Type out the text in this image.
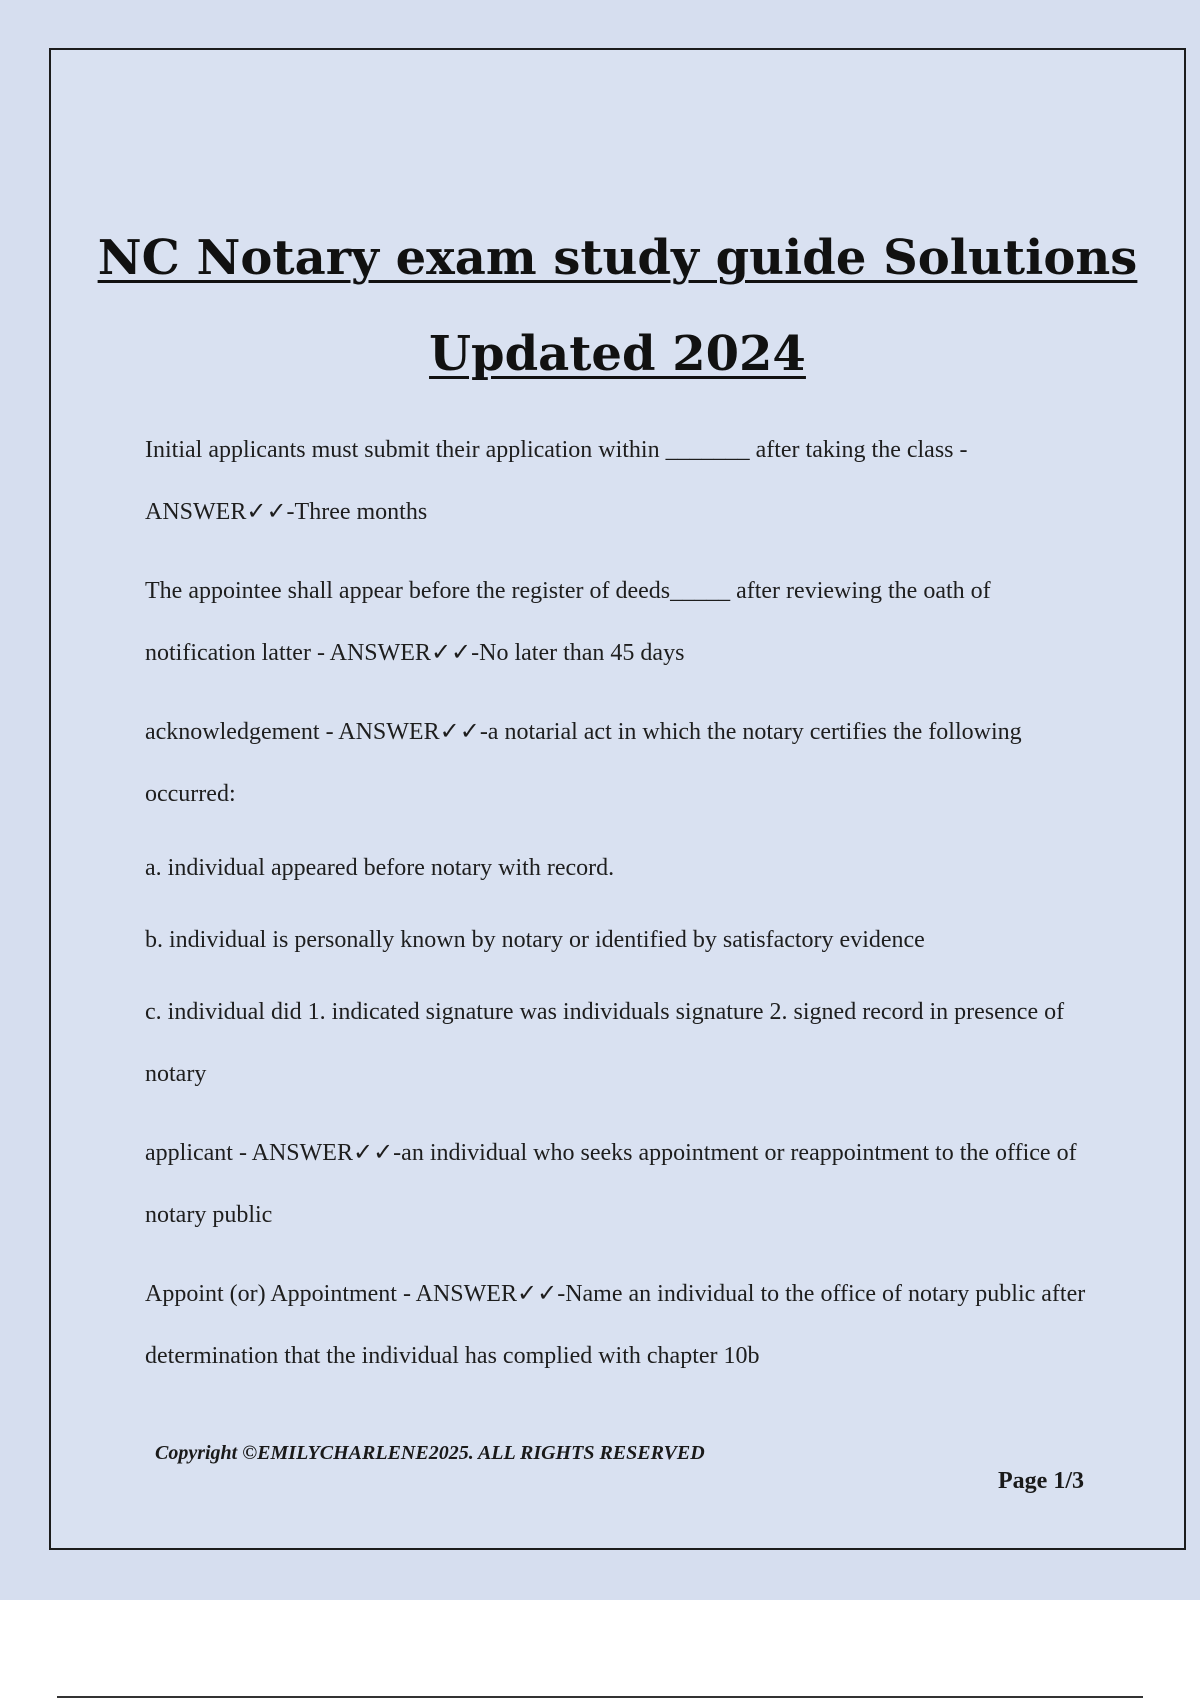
NC Notary exam study guide Solutions
Updated 2024

Initial applicants must submit their application within _______ after taking the class - ANSWER✓✓-Three months

The appointee shall appear before the register of deeds_____ after reviewing the oath of notification latter - ANSWER✓✓-No later than 45 days

acknowledgement - ANSWER✓✓-a notarial act in which the notary certifies the following occurred:

a. individual appeared before notary with record.

b. individual is personally known by notary or identified by satisfactory evidence

c. individual did 1. indicated signature was individuals signature 2. signed record in presence of notary

applicant - ANSWER✓✓-an individual who seeks appointment or reappointment to the office of notary public

Appoint (or) Appointment - ANSWER✓✓-Name an individual to the office of notary public after determination that the individual has complied with chapter 10b

Copyright ©EMILYCHARLENE2025. ALL RIGHTS RESERVED

Page 1/3
